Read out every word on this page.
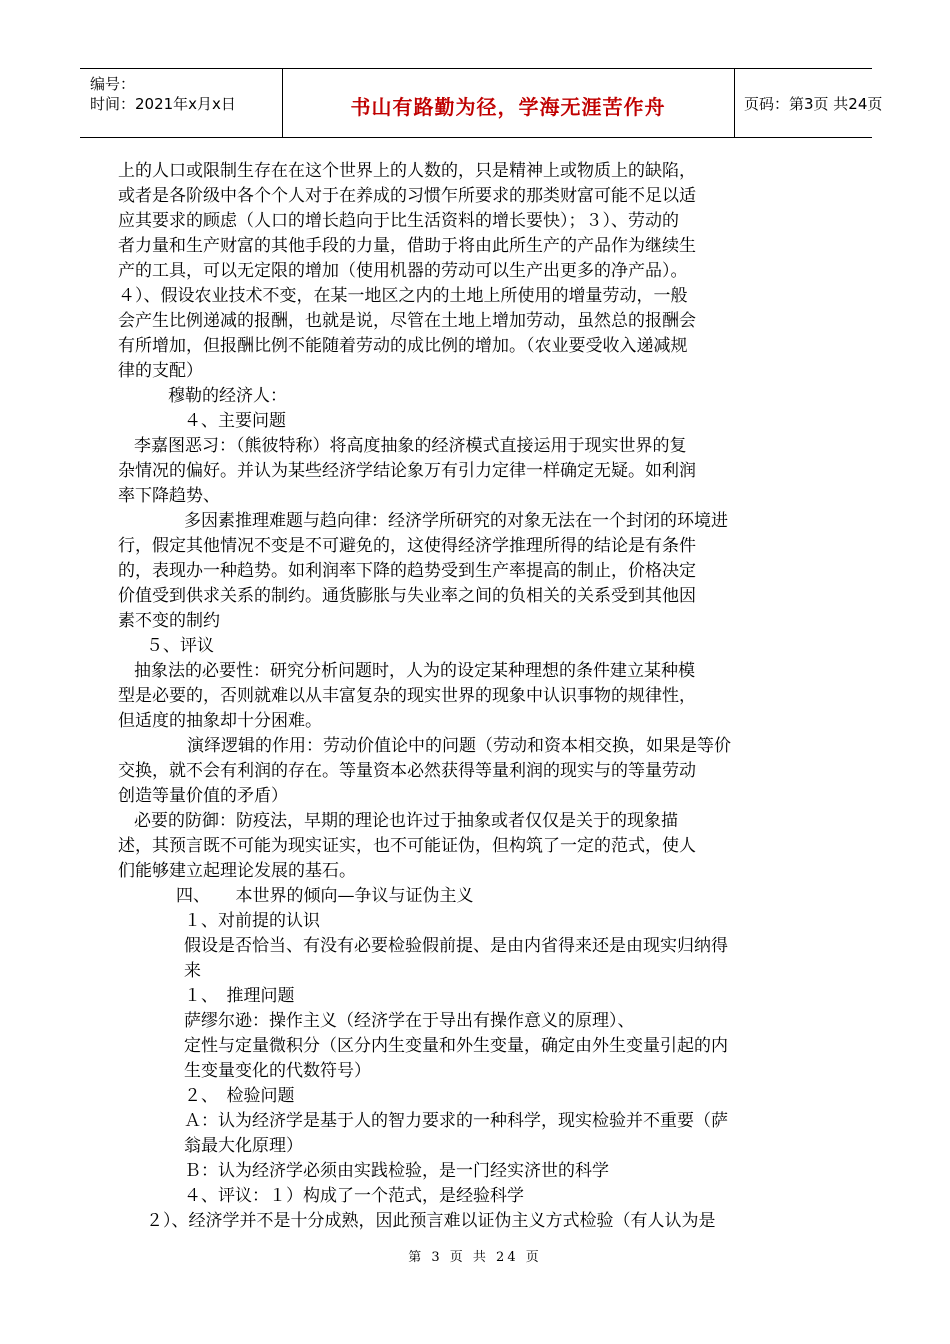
编号：
时间：2021年x月x日	书山有路勤为径，学海无涯苦作舟	页码：第3页 共24页
上的人口或限制生存在在这个世界上的人数的，只是精神上或物质上的缺陷，
或者是各阶级中各个个人对于在养成的习惯乍所要求的那类财富可能不足以适
应其要求的顾虑（人口的增长趋向于比生活资料的增长要快）；３）、劳动的
者力量和生产财富的其他手段的力量，借助于将由此所生产的产品作为继续生
产的工具，可以无定限的增加（使用机器的劳动可以生产出更多的净产品）。
４）、假设农业技术不变，在某一地区之内的土地上所使用的增量劳动，一般
会产生比例递减的报酬，也就是说，尽管在土地上增加劳动，虽然总的报酬会
有所增加，但报酬比例不能随着劳动的成比例的增加。（农业要受收入递减规
律的支配）
穆勒的经济人：
４、主要问题
李嘉图恶习：（熊彼特称）将高度抽象的经济模式直接运用于现实世界的复
杂情况的偏好。并认为某些经济学结论象万有引力定律一样确定无疑。如利润
率下降趋势、
多因素推理难题与趋向律：经济学所研究的对象无法在一个封闭的环境进
行，假定其他情况不变是不可避免的，这使得经济学推理所得的结论是有条件
的，表现办一种趋势。如利润率下降的趋势受到生产率提高的制止，价格决定
价值受到供求关系的制约。通货膨胀与失业率之间的负相关的关系受到其他因
素不变的制约
５、评议
抽象法的必要性：研究分析问题时，人为的设定某种理想的条件建立某种模
型是必要的，否则就难以从丰富复杂的现实世界的现象中认识事物的规律性，
但适度的抽象却十分困难。
演绎逻辑的作用：劳动价值论中的问题（劳动和资本相交换，如果是等价
交换，就不会有利润的存在。等量资本必然获得等量利润的现实与的等量劳动
创造等量价值的矛盾）
必要的防御：防疫法，早期的理论也许过于抽象或者仅仅是关于的现象描
述，其预言既不可能为现实证实，也不可能证伪，但构筑了一定的范式，使人
们能够建立起理论发展的基石。
四、　　本世界的倾向—争议与证伪主义
１、对前提的认识
假设是否恰当、有没有必要检验假前提、是由内省得来还是由现实归纳得
来
１、　推理问题
萨缪尔逊：操作主义（经济学在于导出有操作意义的原理）、
定性与定量微积分（区分内生变量和外生变量，确定由外生变量引起的内
生变量变化的代数符号）
２、　检验问题
Ａ：认为经济学是基于人的智力要求的一种科学，现实检验并不重要（萨
翁最大化原理）
Ｂ：认为经济学必须由实践检验，是一门经实济世的科学
４、评议：１）构成了一个范式，是经验科学
２）、经济学并不是十分成熟，因此预言难以证伪主义方式检验（有人认为是
第 3 页 共 24 页
